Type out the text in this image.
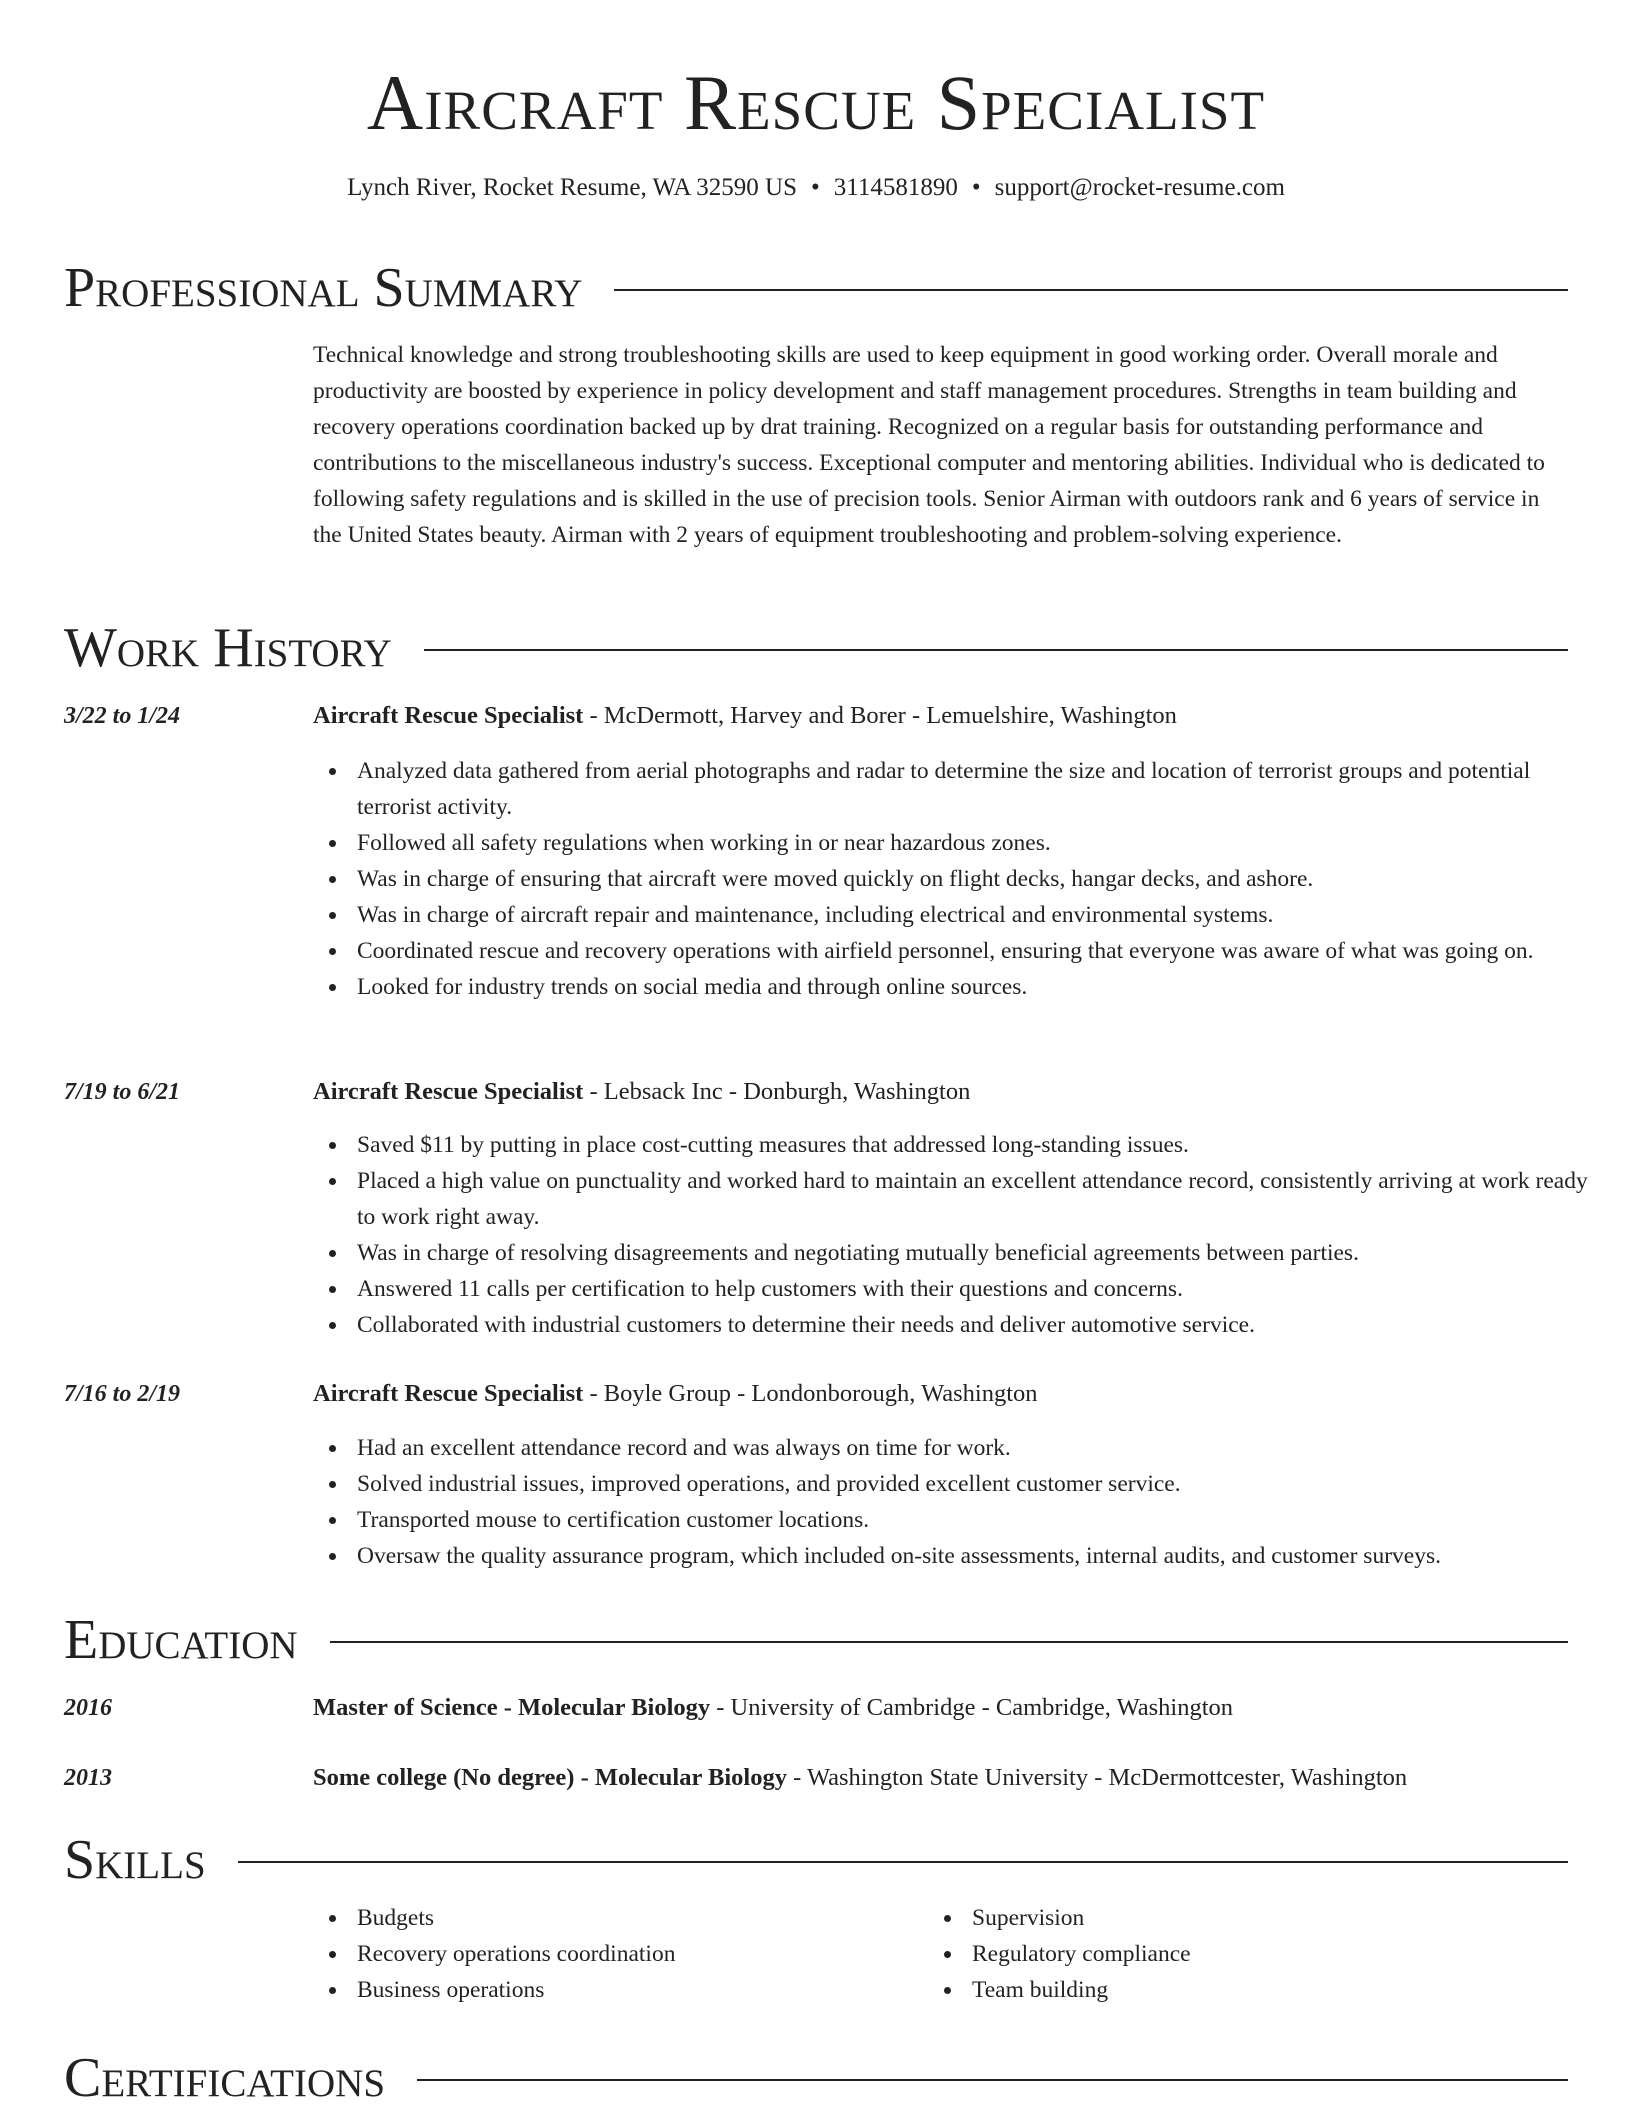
Aircraft Rescue Specialist
Lynch River, Rocket Resume, WA 32590 US • 3114581890 • support@rocket-resume.com
Professional Summary

Technical knowledge and strong troubleshooting skills are used to keep equipment in good working order. Overall morale and productivity are boosted by experience in policy development and staff management procedures. Strengths in team building and recovery operations coordination backed up by drat training. Recognized on a regular basis for outstanding performance and contributions to the miscellaneous industry's success. Exceptional computer and mentoring abilities. Individual who is dedicated to following safety regulations and is skilled in the use of precision tools. Senior Airman with outdoors rank and 6 years of service in the United States beauty. Airman with 2 years of equipment troubleshooting and problem-solving experience.

Work History
3/22 to 1/24	Aircraft Rescue Specialist - McDermott, Harvey and Borer - Lemuelshire, Washington
Analyzed data gathered from aerial photographs and radar to determine the size and location of terrorist groups and potential terrorist activity.
Followed all safety regulations when working in or near hazardous zones.
Was in charge of ensuring that aircraft were moved quickly on flight decks, hangar decks, and ashore.
Was in charge of aircraft repair and maintenance, including electrical and environmental systems.
Coordinated rescue and recovery operations with airfield personnel, ensuring that everyone was aware of what was going on.
Looked for industry trends on social media and through online sources.
7/19 to 6/21	Aircraft Rescue Specialist - Lebsack Inc - Donburgh, Washington
Saved $11 by putting in place cost-cutting measures that addressed long-standing issues.
Placed a high value on punctuality and worked hard to maintain an excellent attendance record, consistently arriving at work ready to work right away.
Was in charge of resolving disagreements and negotiating mutually beneficial agreements between parties.
Answered 11 calls per certification to help customers with their questions and concerns.
Collaborated with industrial customers to determine their needs and deliver automotive service.
7/16 to 2/19	Aircraft Rescue Specialist - Boyle Group - Londonborough, Washington
Had an excellent attendance record and was always on time for work.
Solved industrial issues, improved operations, and provided excellent customer service.
Transported mouse to certification customer locations.
Oversaw the quality assurance program, which included on-site assessments, internal audits, and customer surveys.
Education
2016	Master of Science - Molecular Biology - University of Cambridge - Cambridge, Washington
2013	Some college (No degree) - Molecular Biology - Washington State University - McDermottcester, Washington
Skills
Budgets
Recovery operations coordination
Business operations
Supervision
Regulatory compliance
Team building
Certifications
